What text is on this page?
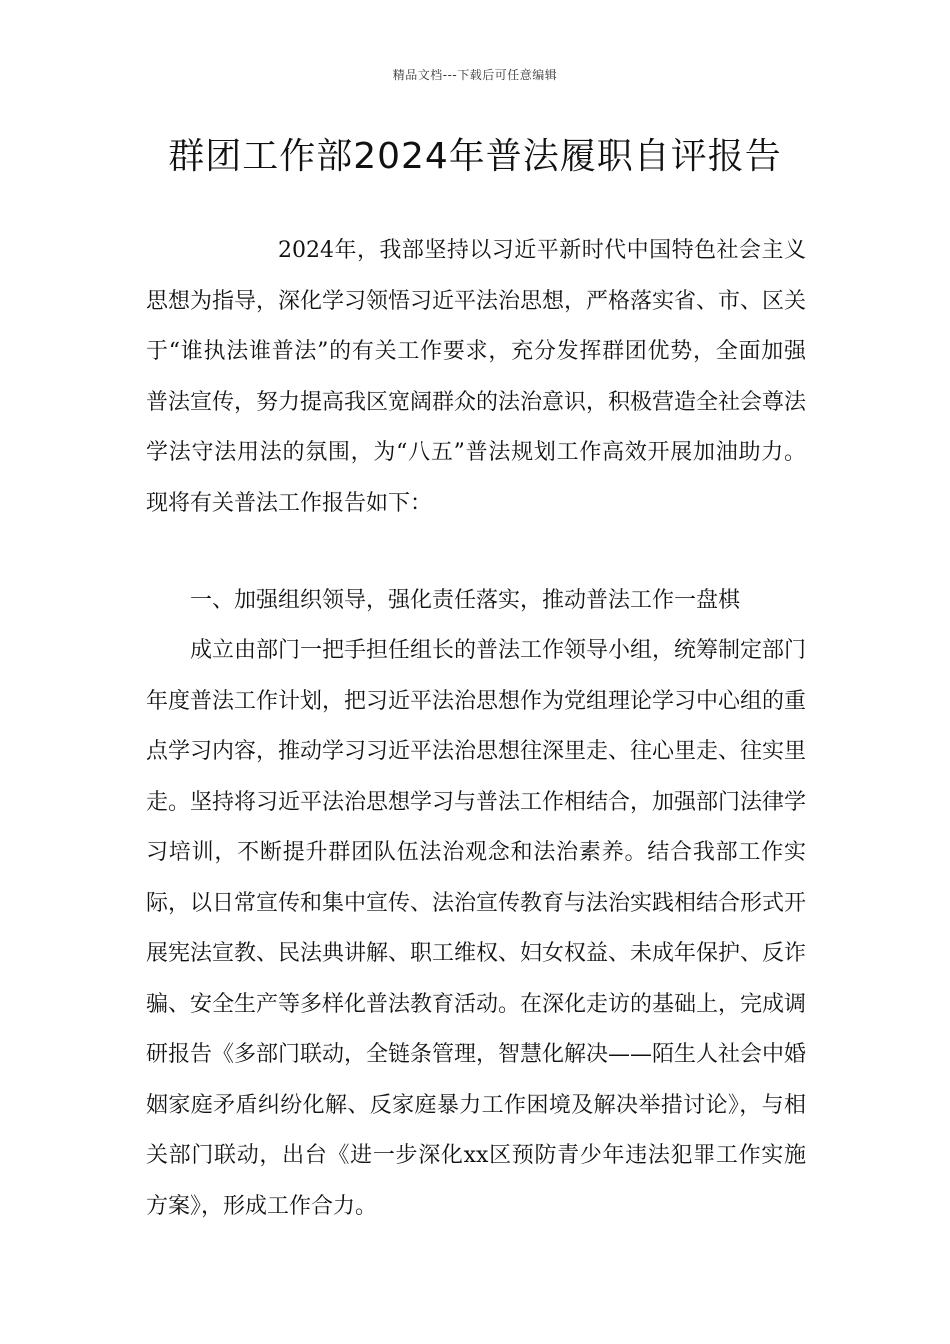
精品文档---下载后可任意编辑
群团工作部2024年普法履职自评报告

2024年，我部坚持以习近平新时代中国特色社会主义思想为指导，深化学习领悟习近平法治思想，严格落实省、市、区关于“谁执法谁普法”的有关工作要求，充分发挥群团优势，全面加强普法宣传，努力提高我区宽阔群众的法治意识，积极营造全社会尊法学法守法用法的氛围，为“八五”普法规划工作高效开展加油助力。现将有关普法工作报告如下：

一、加强组织领导，强化责任落实，推动普法工作一盘棋

成立由部门一把手担任组长的普法工作领导小组，统筹制定部门年度普法工作计划，把习近平法治思想作为党组理论学习中心组的重点学习内容，推动学习习近平法治思想往深里走、往心里走、往实里走。坚持将习近平法治思想学习与普法工作相结合，加强部门法律学习培训，不断提升群团队伍法治观念和法治素养。结合我部工作实际，以日常宣传和集中宣传、法治宣传教育与法治实践相结合形式开展宪法宣教、民法典讲解、职工维权、妇女权益、未成年保护、反诈骗、安全生产等多样化普法教育活动。在深化走访的基础上，完成调研报告《多部门联动，全链条管理，智慧化解决——陌生人社会中婚姻家庭矛盾纠纷化解、反家庭暴力工作困境及解决举措讨论》，与相关部门联动，出台《进一步深化xx区预防青少年违法犯罪工作实施方案》，形成工作合力。
